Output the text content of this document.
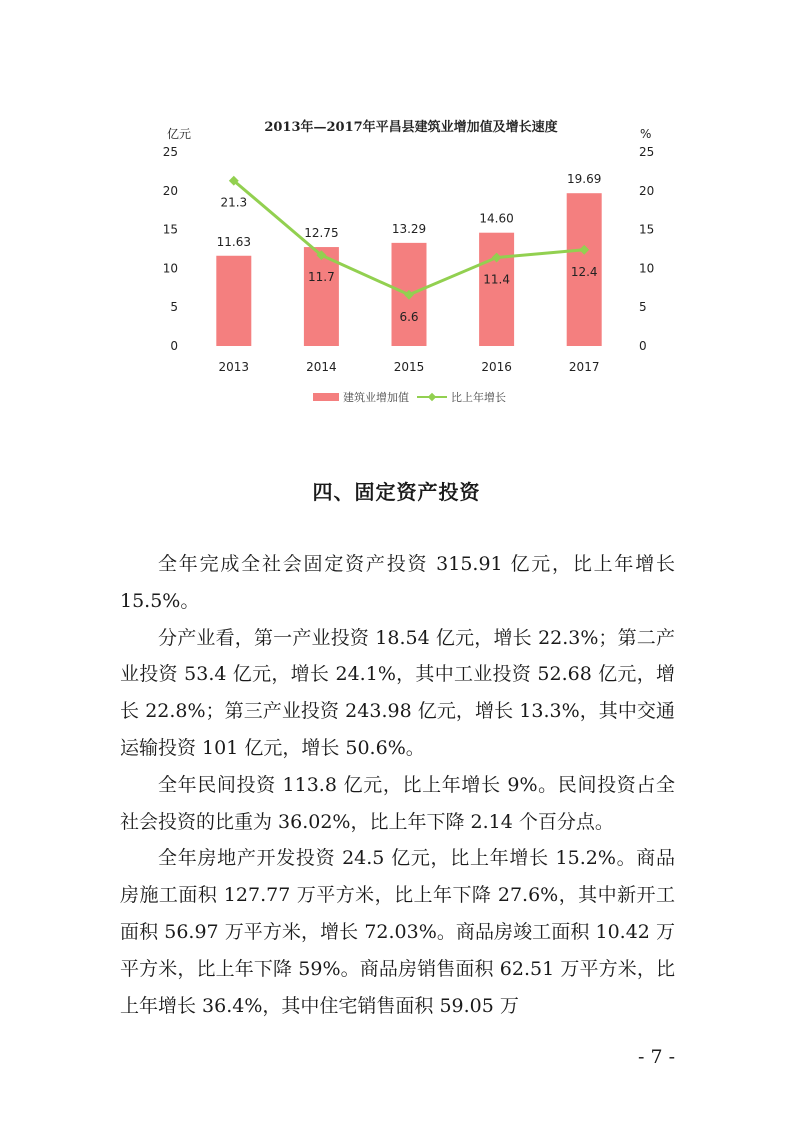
2013年—2017年平昌县建筑业增加值及增长速度
亿元	%
0
5
10
15
20
25
0
5
10
15
20
25
11.63
12.75	13.29
14.60
19.69
21.3
11.7
6.6
11.4
12.4
2013	2014	2015	2016	2017
建筑业增加值	比上年增长
四、固定资产投资

全年完成全社会固定资产投资 315.91 亿元，比上年增长 15.5%。

分产业看，第一产业投资 18.54 亿元，增长 22.3%；第二产业投资 53.4 亿元，增长 24.1%，其中工业投资 52.68 亿元，增长 22.8%；第三产业投资 243.98 亿元，增长 13.3%，其中交通运输投资 101 亿元，增长 50.6%。

全年民间投资 113.8 亿元，比上年增长 9%。民间投资占全社会投资的比重为 36.02%，比上年下降 2.14 个百分点。

全年房地产开发投资 24.5 亿元，比上年增长 15.2%。商品房施工面积 127.77 万平方米，比上年下降 27.6%，其中新开工面积 56.97 万平方米，增长 72.03%。商品房竣工面积 10.42 万平方米，比上年下降 59%。商品房销售面积 62.51 万平方米，比上年增长 36.4%，其中住宅销售面积 59.05 万

- 7 -
